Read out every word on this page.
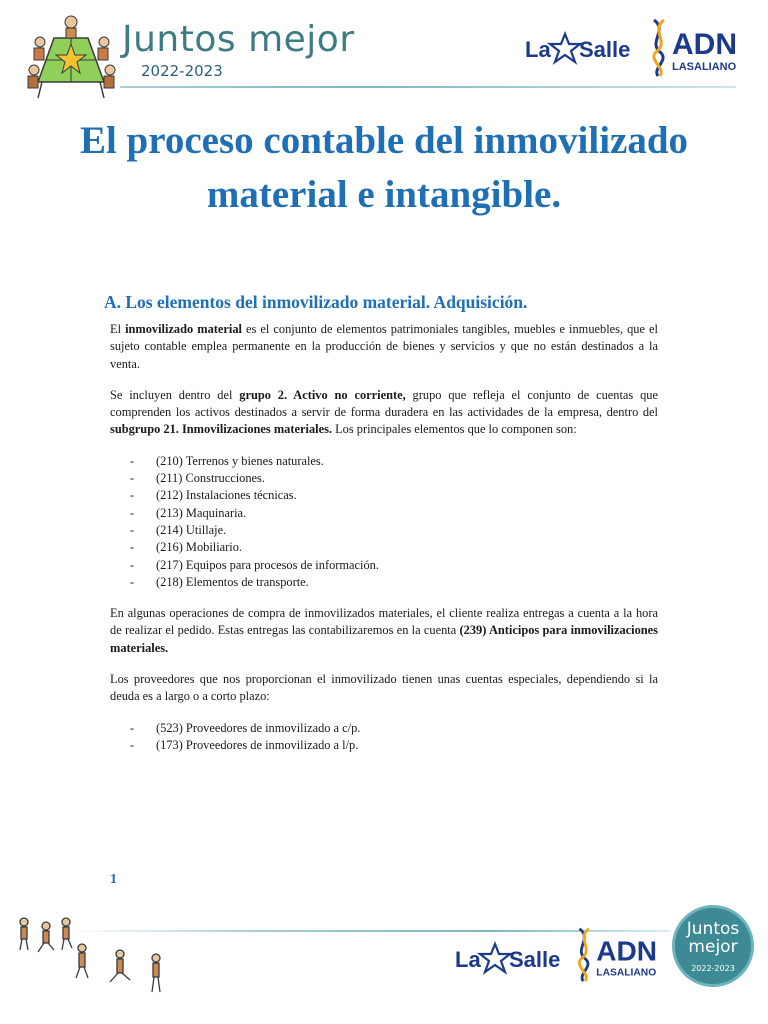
Juntos mejor
2022-2023
La Salle ADN
LASALIANO
El proceso contable del inmovilizado material e intangible.
A. Los elementos del inmovilizado material. Adquisición.

El inmovilizado material es el conjunto de elementos patrimoniales tangibles, muebles e inmuebles, que el sujeto contable emplea permanente en la producción de bienes y servicios y que no están destinados a la venta.

Se incluyen dentro del grupo 2. Activo no corriente, grupo que refleja el conjunto de cuentas que comprenden los activos destinados a servir de forma duradera en las actividades de la empresa, dentro del subgrupo 21. Inmovilizaciones materiales. Los principales elementos que lo componen son:

- (210) Terrenos y bienes naturales.
- (211) Construcciones.
- (212) Instalaciones técnicas.
- (213) Maquinaria.
- (214) Utillaje.
- (216) Mobiliario.
- (217) Equipos para procesos de información.
- (218) Elementos de transporte.

En algunas operaciones de compra de inmovilizados materiales, el cliente realiza entregas a cuenta a la hora de realizar el pedido. Estas entregas las contabilizaremos en la cuenta (239) Anticipos para inmovilizaciones materiales.

Los proveedores que nos proporcionan el inmovilizado tienen unas cuentas especiales, dependiendo si la deuda es a largo o a corto plazo:

- (523) Proveedores de inmovilizado a c/p.
- (173) Proveedores de inmovilizado a l/p.
1
La Salle ADN
LASALIANO
Juntos mejor
2022-2023
